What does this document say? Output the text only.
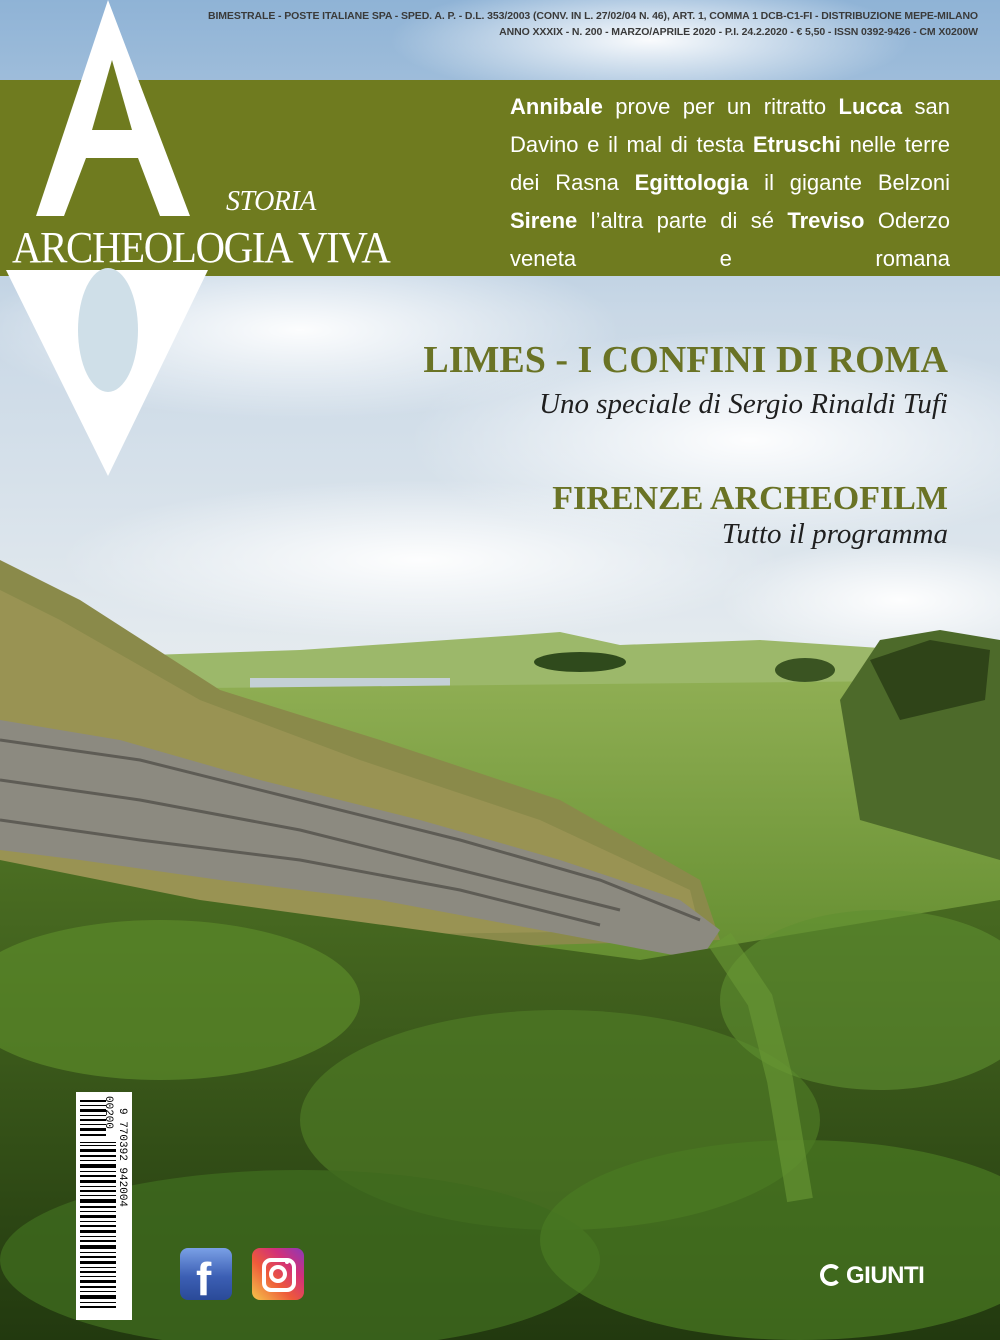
BIMESTRALE - POSTE ITALIANE SPA - SPED. A. P. - D.L. 353/2003 (CONV. IN L. 27/02/04 N. 46), ART. 1, COMMA 1 DCB-C1-FI - DISTRIBUZIONE MEPE-MILANO
ANNO XXXIX - N. 200 - MARZO/APRILE 2020 - P.I. 24.2.2020 - € 5,50 - ISSN 0392-9426 - CM X0200W
STORIA
ARCHEOLOGIA VIVA
Annibale prove per un ritratto Lucca san Davino e il mal di testa Etruschi nelle terre dei Rasna Egittologia il gigante Belzoni Sirene l’altra parte di sé Treviso Oderzo veneta e romana
LIMES - I CONFINI DI ROMA
Uno speciale di Sergio Rinaldi Tufi
FIRENZE ARCHEOFILM
Tutto il programma
00200 9 770392 942004
f	GIUNTI
